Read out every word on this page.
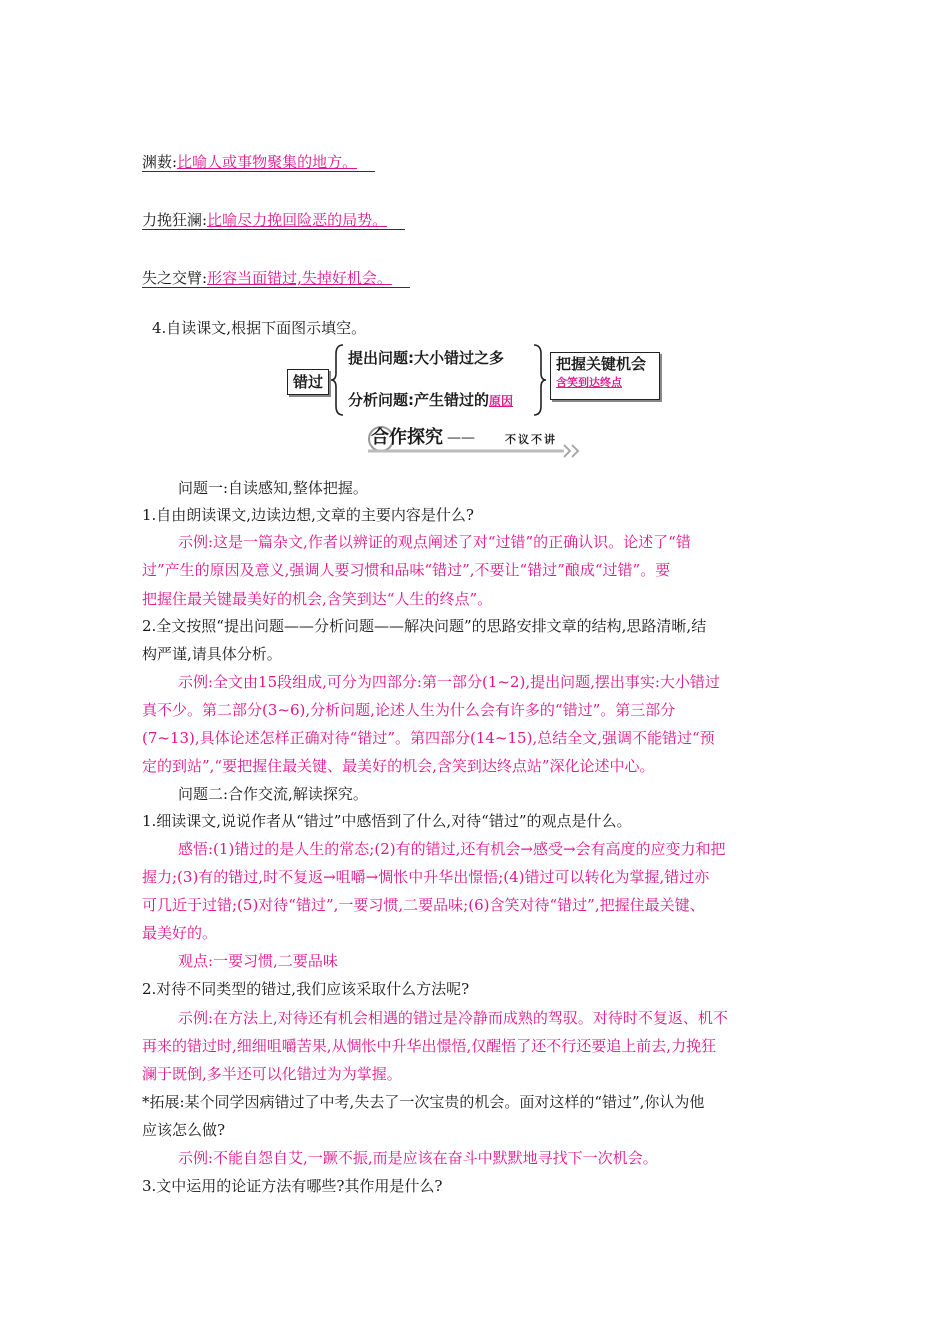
渊薮:比喻人或事物聚集的地方。
力挽狂澜:比喻尽力挽回险恶的局势。
失之交臂:形容当面错过,失掉好机会。
4.自读课文,根据下面图示填空。
错过
提出问题:大小错过之多
分析问题:产生错过的原因
把握关键机会
含笑到达终点
合作探究 ——	不议不讲
问题一:自读感知,整体把握。
1.自由朗读课文,边读边想,文章的主要内容是什么?
示例:这是一篇杂文,作者以辨证的观点阐述了对“过错”的正确认识。论述了“错
过”产生的原因及意义,强调人要习惯和品味“错过”,不要让“错过”酿成“过错”。要
把握住最关键最美好的机会,含笑到达“人生的终点”。
2.全文按照“提出问题——分析问题——解决问题”的思路安排文章的结构,思路清晰,结
构严谨,请具体分析。
示例:全文由15段组成,可分为四部分:第一部分(1~2),提出问题,摆出事实:大小错过
真不少。第二部分(3~6),分析问题,论述人生为什么会有许多的“错过”。第三部分
(7~13),具体论述怎样正确对待“错过”。第四部分(14~15),总结全文,强调不能错过“预
定的到站”,“要把握住最关键、最美好的机会,含笑到达终点站”深化论述中心。
问题二:合作交流,解读探究。
1.细读课文,说说作者从“错过”中感悟到了什么,对待“错过”的观点是什么。
感悟:(1)错过的是人生的常态;(2)有的错过,还有机会→感受→会有高度的应变力和把
握力;(3)有的错过,时不复返→咀嚼→惆怅中升华出憬悟;(4)错过可以转化为掌握,错过亦
可几近于过错;(5)对待“错过”,一要习惯,二要品味;(6)含笑对待“错过”,把握住最关键、
最美好的。
观点:一要习惯,二要品味
2.对待不同类型的错过,我们应该采取什么方法呢?
示例:在方法上,对待还有机会相遇的错过是冷静而成熟的驾驭。对待时不复返、机不
再来的错过时,细细咀嚼苦果,从惆怅中升华出憬悟,仅醒悟了还不行还要追上前去,力挽狂
澜于既倒,多半还可以化错过为为掌握。
*拓展:某个同学因病错过了中考,失去了一次宝贵的机会。面对这样的“错过”,你认为他
应该怎么做?
示例:不能自怨自艾,一蹶不振,而是应该在奋斗中默默地寻找下一次机会。
3.文中运用的论证方法有哪些?其作用是什么?
